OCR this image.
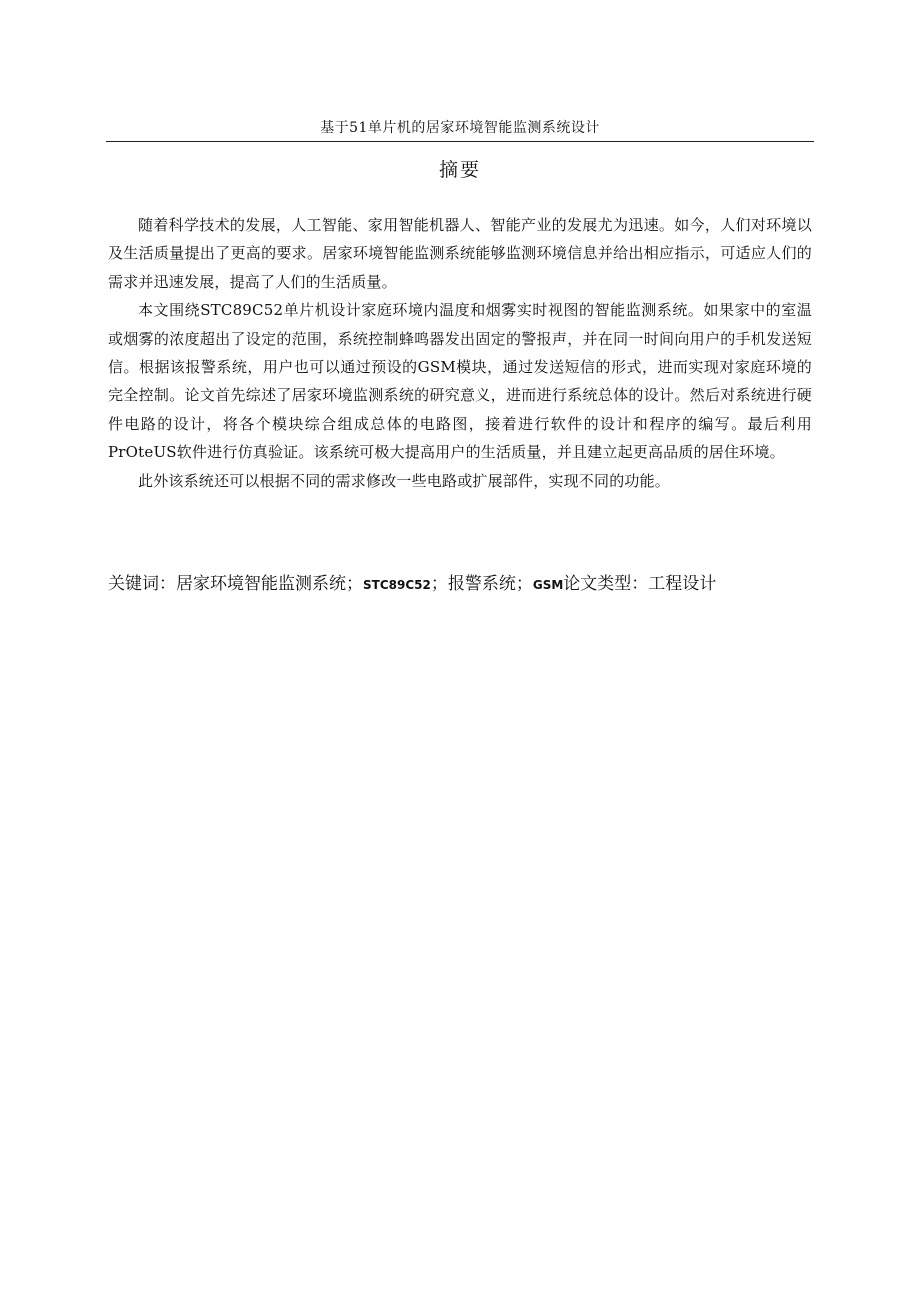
基于51单片机的居家环境智能监测系统设计
摘要

随着科学技术的发展，人工智能、家用智能机器人、智能产业的发展尤为迅速。如今，人们对环境以及生活质量提出了更高的要求。居家环境智能监测系统能够监测环境信息并给出相应指示，可适应人们的需求并迅速发展，提高了人们的生活质量。

本文围绕STC89C52单片机设计家庭环境内温度和烟雾实时视图的智能监测系统。如果家中的室温或烟雾的浓度超出了设定的范围，系统控制蜂鸣器发出固定的警报声，并在同一时间向用户的手机发送短信。根据该报警系统，用户也可以通过预设的GSM模块，通过发送短信的形式，进而实现对家庭环境的完全控制。论文首先综述了居家环境监测系统的研究意义，进而进行系统总体的设计。然后对系统进行硬件电路的设计，将各个模块综合组成总体的电路图，接着进行软件的设计和程序的编写。最后利用PrOteUS软件进行仿真验证。该系统可极大提高用户的生活质量，并且建立起更高品质的居住环境。

此外该系统还可以根据不同的需求修改一些电路或扩展部件，实现不同的功能。

关键词：居家环境智能监测系统；STC89C52；报警系统；GSM论文类型：工程设计
